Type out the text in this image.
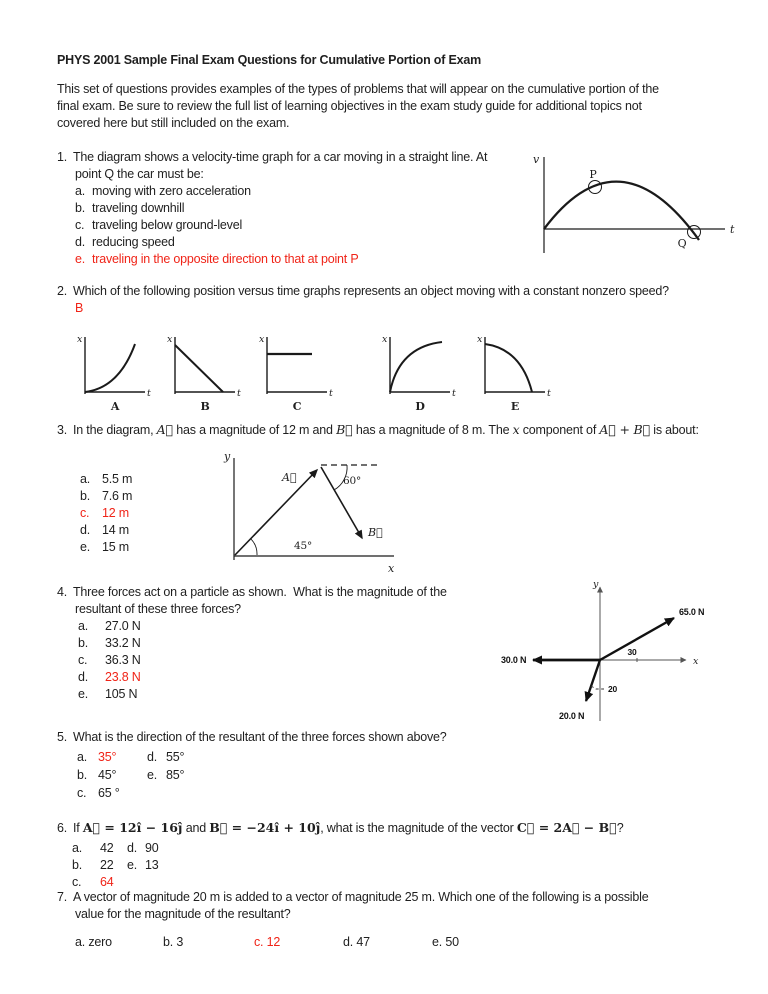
PHYS 2001 Sample Final Exam Questions for Cumulative Portion of Exam
This set of questions provides examples of the types of problems that will appear on the cumulative portion of the
final exam. Be sure to review the full list of learning objectives in the exam study guide for additional topics not
covered here but still included on the exam.
1. The diagram shows a velocity-time graph for a car moving in a straight line. At
point Q the car must be:
a. moving with zero acceleration
b. traveling downhill
c. traveling below ground-level
d. reducing speed
e. traveling in the opposite direction to that at point P
v
t
P
Q
2. Which of the following position versus time graphs represents an object moving with a constant nonzero speed?
B
x
t
A
x
t
B
x
t
C
x
t
D
x
t
E
3. In the diagram, A⃗ has a magnitude of 12 m and B⃗ has a magnitude of 8 m. The x component of A⃗ + B⃗ is about:
a. 5.5 m
b. 7.6 m
c. 12 m
d. 14 m
e. 15 m
y
x
A⃗
B⃗
45°
60°
4. Three forces act on a particle as shown.  What is the magnitude of the
resultant of these three forces?
a. 27.0 N
b. 33.2 N
c. 36.3 N
d. 23.8 N
e. 105 N
y
x
65.0 N
30.0 N
20.0 N
30
20
5. What is the direction of the resultant of the three forces shown above?
a. 35° d. 55°
b. 45° e. 85°
c. 65 °
6. If A⃗ = 12î − 16ĵ and B⃗ = −24î + 10ĵ, what is the magnitude of the vector C⃗ = 2A⃗ − B⃗?
a. 42 d. 90
b. 22 e. 13
c. 64
7. A vector of magnitude 20 m is added to a vector of magnitude 25 m. Which one of the following is a possible
value for the magnitude of the resultant?
a. zero	b. 3	c. 12	d. 47	e. 50
